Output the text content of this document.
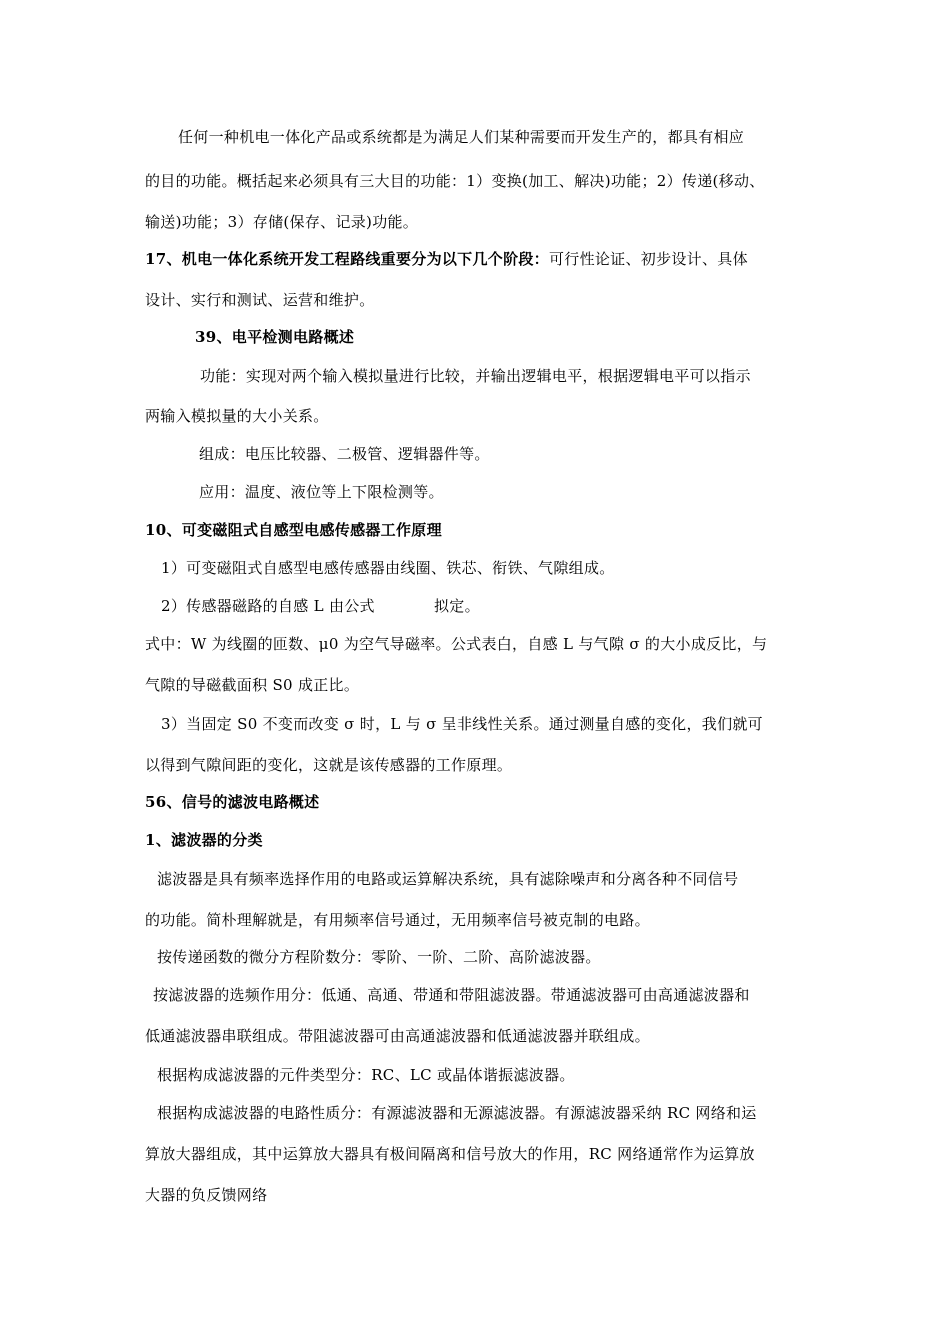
任何一种机电一体化产品或系统都是为满足人们某种需要而开发生产的，都具有相应
的目的功能。概括起来必须具有三大目的功能：1）变换(加工、解决)功能；2）传递(移动、
输送)功能；3）存储(保存、记录)功能。
17、机电一体化系统开发工程路线重要分为以下几个阶段：可行性论证、初步设计、具体
设计、实行和测试、运营和维护。
39、电平检测电路概述
功能：实现对两个输入模拟量进行比较，并输出逻辑电平，根据逻辑电平可以指示
两输入模拟量的大小关系。
组成：电压比较器、二极管、逻辑器件等。
应用：温度、液位等上下限检测等。
10、可变磁阻式自感型电感传感器工作原理
1）可变磁阻式自感型电感传感器由线圈、铁芯、衔铁、气隙组成。
2）传感器磁路的自感 L 由公式	拟定。
式中：W 为线圈的匝数、μ0 为空气导磁率。公式表白，自感 L 与气隙 σ 的大小成反比，与
气隙的导磁截面积 S0 成正比。
3）当固定 S0 不变而改变 σ 时，L 与 σ 呈非线性关系。通过测量自感的变化，我们就可
以得到气隙间距的变化，这就是该传感器的工作原理。
56、信号的滤波电路概述
1、滤波器的分类
滤波器是具有频率选择作用的电路或运算解决系统，具有滤除噪声和分离各种不同信号
的功能。简朴理解就是，有用频率信号通过，无用频率信号被克制的电路。
按传递函数的微分方程阶数分：零阶、一阶、二阶、高阶滤波器。
按滤波器的选频作用分：低通、高通、带通和带阻滤波器。带通滤波器可由高通滤波器和
低通滤波器串联组成。带阻滤波器可由高通滤波器和低通滤波器并联组成。
根据构成滤波器的元件类型分：RC、LC 或晶体谐振滤波器。
根据构成滤波器的电路性质分：有源滤波器和无源滤波器。有源滤波器采纳 RC 网络和运
算放大器组成，其中运算放大器具有极间隔离和信号放大的作用，RC 网络通常作为运算放
大器的负反馈网络
